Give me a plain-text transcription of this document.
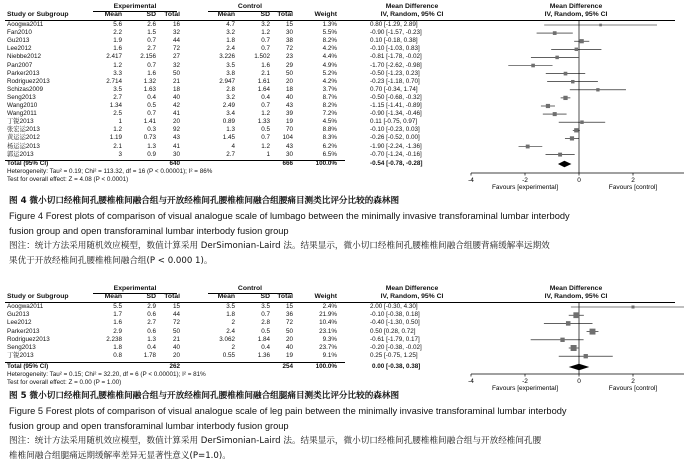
Experimental	Control	Mean Difference	Mean Difference
Study or Subgroup	Mean	SD	Total	Mean	SD	Total	Weight	IV, Random, 95% CI	IV, Random, 95% CI
Aoogwa2011	5.6	2.6	16	4.7	3.2	15	1.3%	0.80 [-1.29, 2.89]
Fan2010	2.2	1.5	32	3.2	1.2	30	5.5%	-0.90 [-1.57, -0.23]
Gu2013	1.9	0.7	44	1.8	0.7	38	8.2%	0.10 [-0.18, 0.38]
Lee2012	1.6	2.7	72	2.4	0.7	72	4.2%	-0.10 [-1.03, 0.83]
Niebbe2012	2.417	2.156	27	3.226	1.502	23	4.4%	-0.81 [-1.78, -0.02]
Pan2007	1.2	0.7	32	3.5	1.6	29	4.9%	-1.70 [-2.62, -0.98]
Parker2013	3.3	1.6	50	3.8	2.1	50	5.2%	-0.50 [-1.23, 0.23]
Rodriguez2013	2.714	1.32	21	2.947	1.61	20	4.2%	-0.23 [-1.18, 0.70]
Schizas2009	3.5	1.63	18	2.8	1.64	18	3.7%	0.70 [-0.34, 1.74]
Seng2013	2.7	0.4	40	3.2	0.4	40	8.7%	-0.50 [-0.68, -0.32]
Wang2010	1.34	0.5	42	2.49	0.7	43	8.2%	-1.15 [-1.41, -0.89]
Wang2011	2.5	0.7	41	3.4	1.2	39	7.2%	-0.90 [-1.34, -0.46]
丁锐2013	1	1.41	20	0.89	1.33	19	4.5%	0.11 [-0.75, 0.97]
张宏运2013	1.2	0.3	92	1.3	0.5	70	8.8%	-0.10 [-0.23, 0.03]
黄运运2012	1.19	0.73	43	1.45	0.7	104	8.3%	-0.26 [-0.52, 0.00]
杨运运2013	2.1	1.3	41	4	1.2	43	6.2%	-1.90 [-2.24, -1.36]
郭运2013	3	0.9	30	2.7	1	30	6.5%	-0.70 [-1.24, -0.16]
Total (95% CI)	640	666	100.0%	-0.54 [-0.78, -0.28]
Heterogeneity: Tau² = 0.19; Chi² = 113.32, df = 16 (P < 0.00001); I² = 86%
Test for overall effect: Z = 4.08 (P < 0.0001)	-4	-2	0	2
Favours [experimental]	Favours [control]
图 4 微小切口经椎间孔腰椎椎间融合组与开放经椎间孔腰椎椎间融合组腰痛目测类比评分比较的森林图
Figure 4 Forest plots of comparison of visual analogue scale of lumbago between the minimally invasive transforaminal lumbar interbody
fusion group and open transforaminal lumbar interbody fusion group
图注：统计方法采用随机效应模型，数值计算采用 DerSimonian-Laird 法。结果显示，微小切口经椎间孔腰椎椎间融合组腰背痛缓解率远期效
果优于开放经椎间孔腰椎椎间融合组(P < 0.000 1)。
Experimental	Control	Mean Difference	Mean Difference
Study or Subgroup	Mean	SD	Total	Mean	SD	Total	Weight	IV, Random, 95% CI	IV, Random, 95% CI
Aoogwa2011	5.5	2.9	15	3.5	3.5	15	2.4%	2.00 [-0.30, 4.30]
Gu2013	1.7	0.6	44	1.8	0.7	36	21.9%	-0.10 [-0.38, 0.18]
Lee2012	1.6	2.7	72	2	2.8	72	10.4%	-0.40 [-1.30, 0.50]
Parker2013	2.9	0.6	50	2.4	0.5	50	23.1%	0.50 [0.28, 0.72]
Rodriguez2013	2.238	1.3	21	3.062	1.84	20	9.3%	-0.61 [-1.79, 0.17]
Seng2013	1.8	0.4	40	2	0.4	40	23.7%	-0.20 [-0.38, -0.02]
丁锐2013	0.8	1.78	20	0.55	1.36	19	9.1%	0.25 [-0.75, 1.25]
Total (95% CI)	262	254	100.0%	0.00 [-0.38, 0.38]
Heterogeneity: Tau² = 0.15; Chi² = 32.20, df = 6 (P < 0.00001); I² = 81%
Test for overall effect: Z = 0.00 (P = 1.00)	-4	-2	0	2
Favours [experimental]	Favours [control]
图 5 微小切口经椎间孔腰椎椎间融合组与开放经椎间孔腰椎椎间融合组腿痛目测类比评分比较的森林图
Figure 5 Forest plots of comparison of visual analogue scale of leg pain between the minimally invasive transforaminal lumbar interbody
fusion group and open transforaminal lumbar interbody fusion group
图注：统计方法采用随机效应模型，数值计算采用 DerSimonian-Laird 法。结果显示，微小切口经椎间孔腰椎椎间融合组与开放经椎间孔腰
椎椎间融合组腿痛远期缓解率差异无显著性意义(P=1.0)。
